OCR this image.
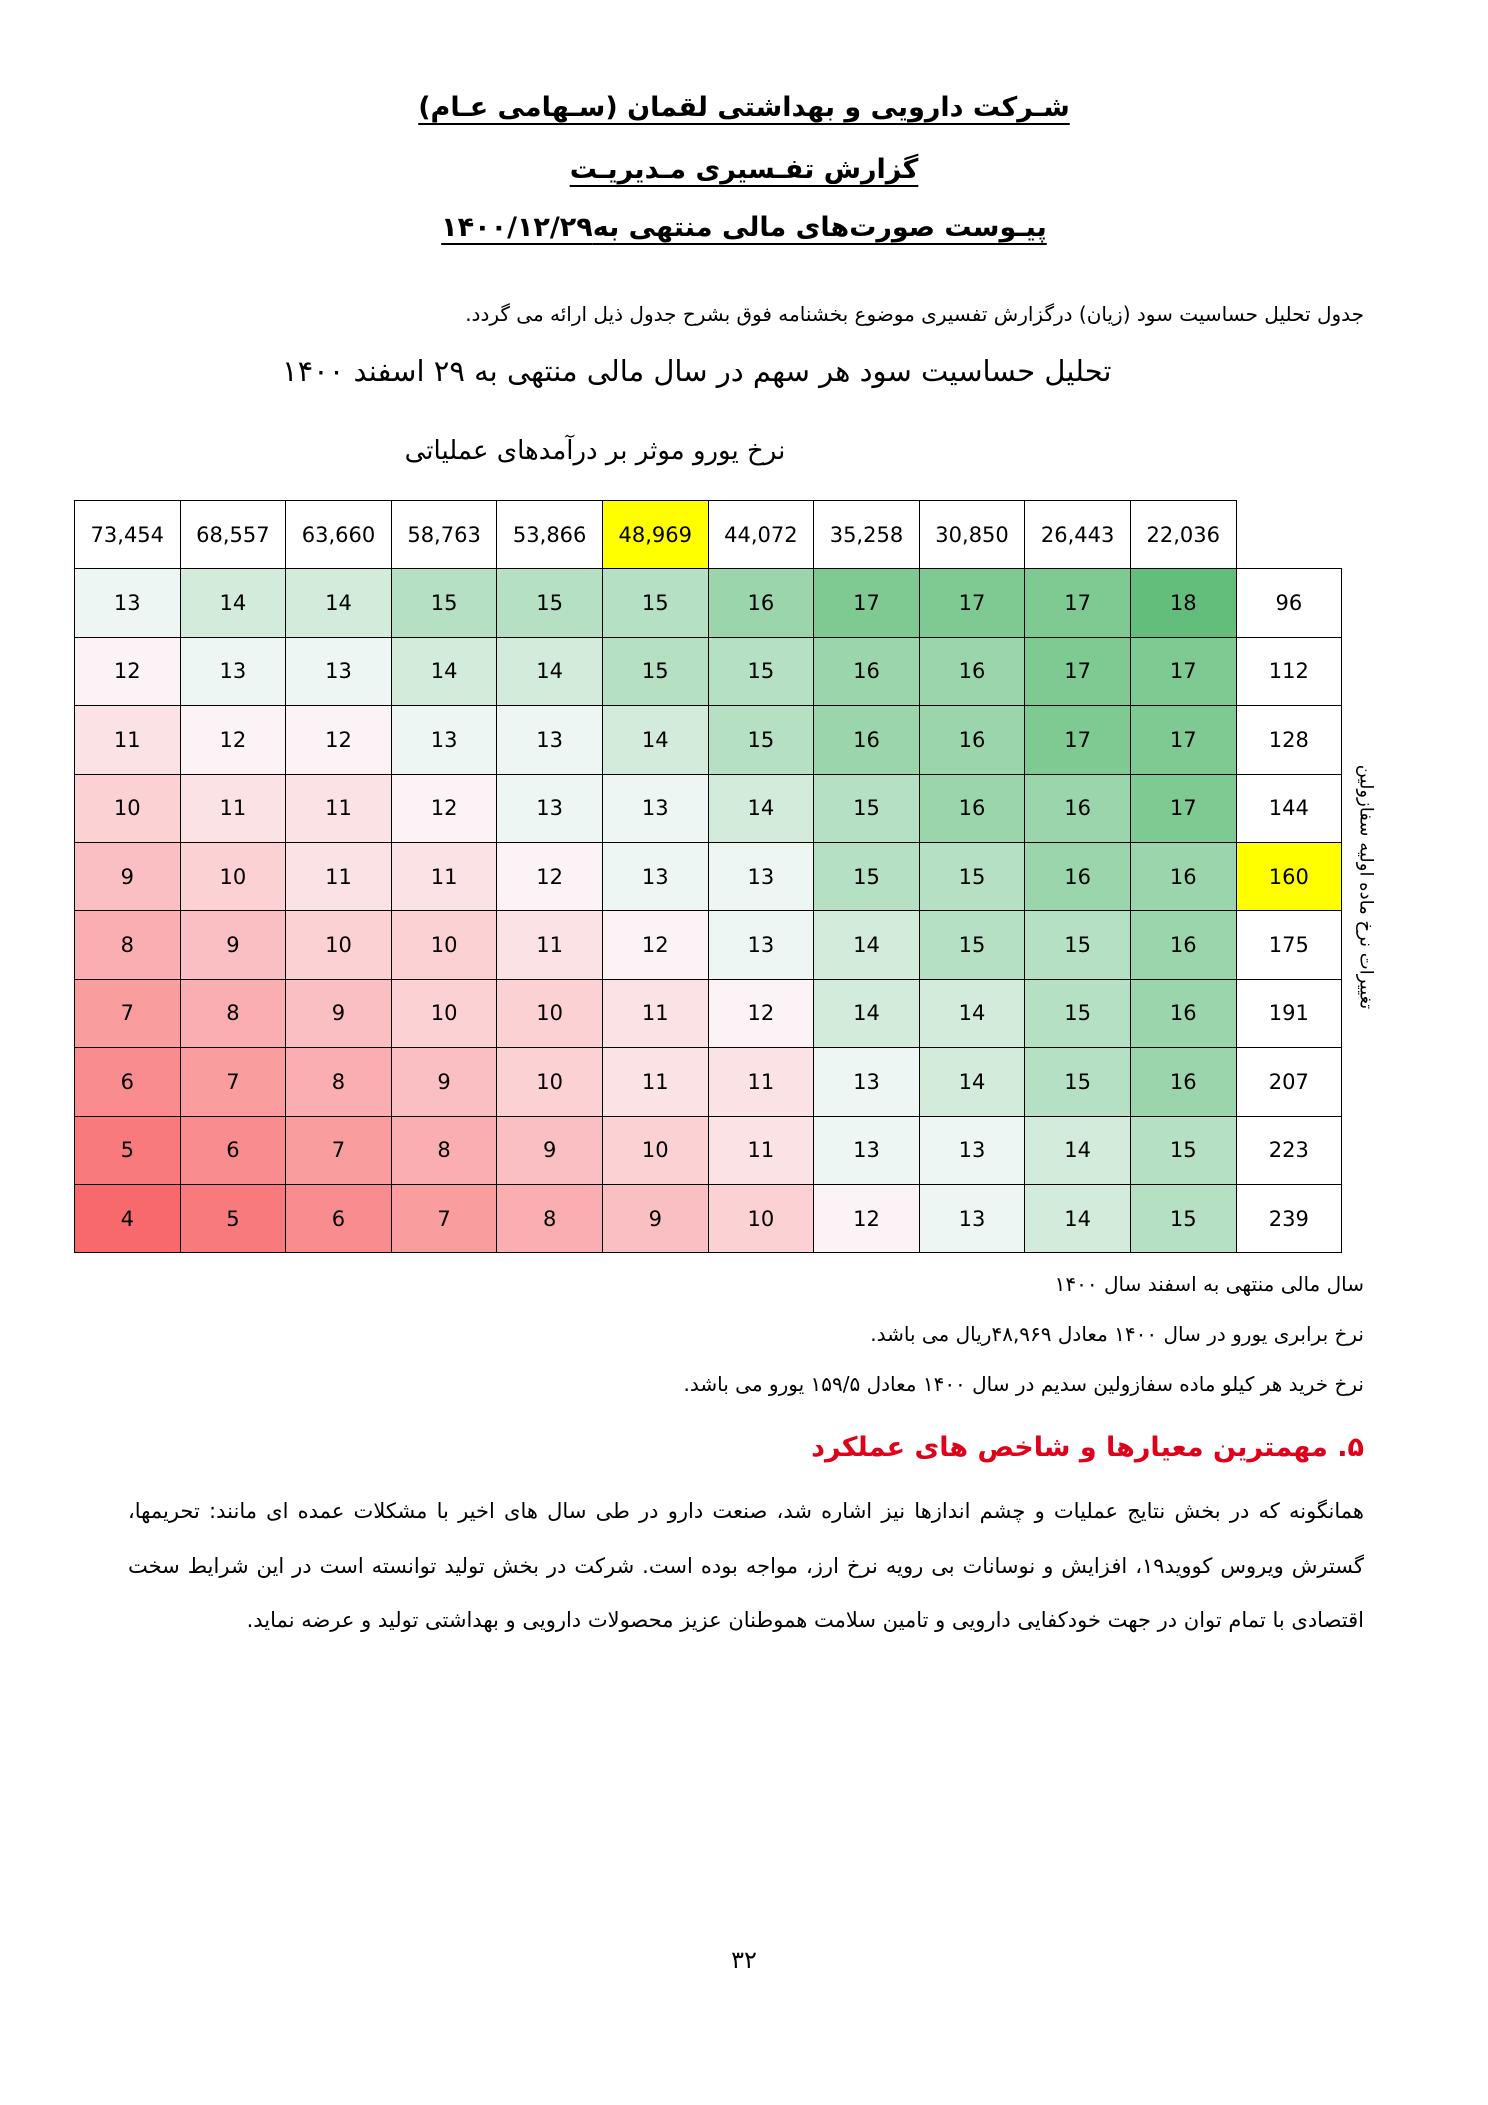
شـرکت دارویی و بهداشتی لقمان (سـهامی عـام)
گزارش تفـسیری مـدیریـت
پیـوست صورت‌های مالی منتهی به۱۴۰۰/۱۲/۲۹
جدول تحلیل حساسیت سود (زیان) درگزارش تفسیری موضوع بخشنامه فوق بشرح جدول ذیل ارائه می گردد.
تحلیل حساسیت سود هر سهم در سال مالی منتهی به ۲۹ اسفند ۱۴۰۰
نرخ یورو موثر بر درآمدهای عملیاتی
73,454	68,557	63,660	58,763	53,866	48,969	44,072	35,258	30,850	26,443	22,036	
13	14	14	15	15	15	16	17	17	17	18	96
12	13	13	14	14	15	15	16	16	17	17	112
11	12	12	13	13	14	15	16	16	17	17	128
10	11	11	12	13	13	14	15	16	16	17	144
9	10	11	11	12	13	13	15	15	16	16	160
8	9	10	10	11	12	13	14	15	15	16	175
7	8	9	10	10	11	12	14	14	15	16	191
6	7	8	9	10	11	11	13	14	15	16	207
5	6	7	8	9	10	11	13	13	14	15	223
4	5	6	7	8	9	10	12	13	14	15	239
تغییرات نرخ ماده اولیه سفازولین
سال مالی منتهی به اسفند سال ۱۴۰۰
نرخ برابری یورو در سال ۱۴۰۰ معادل ۴۸,۹۶۹ریال می باشد.
نرخ خرید هر کیلو ماده سفازولین سدیم در سال ۱۴۰۰ معادل ۱۵۹/۵ یورو می باشد.
۵. مهمترین معیارها و شاخص های عملکرد
همانگونه که در بخش نتایج عملیات و چشم اندازها نیز اشاره شد، صنعت دارو در طی سال های اخیر با مشکلات عمده ای مانند: تحریمها، گسترش ویروس کووید۱۹، افزایش و نوسانات بی رویه نرخ ارز، مواجه بوده است. شرکت در بخش تولید توانسته است در این شرایط سخت اقتصادی با تمام توان در جهت خودکفایی دارویی و تامین سلامت هموطنان عزیز محصولات دارویی و بهداشتی تولید و عرضه نماید.
۳۲
